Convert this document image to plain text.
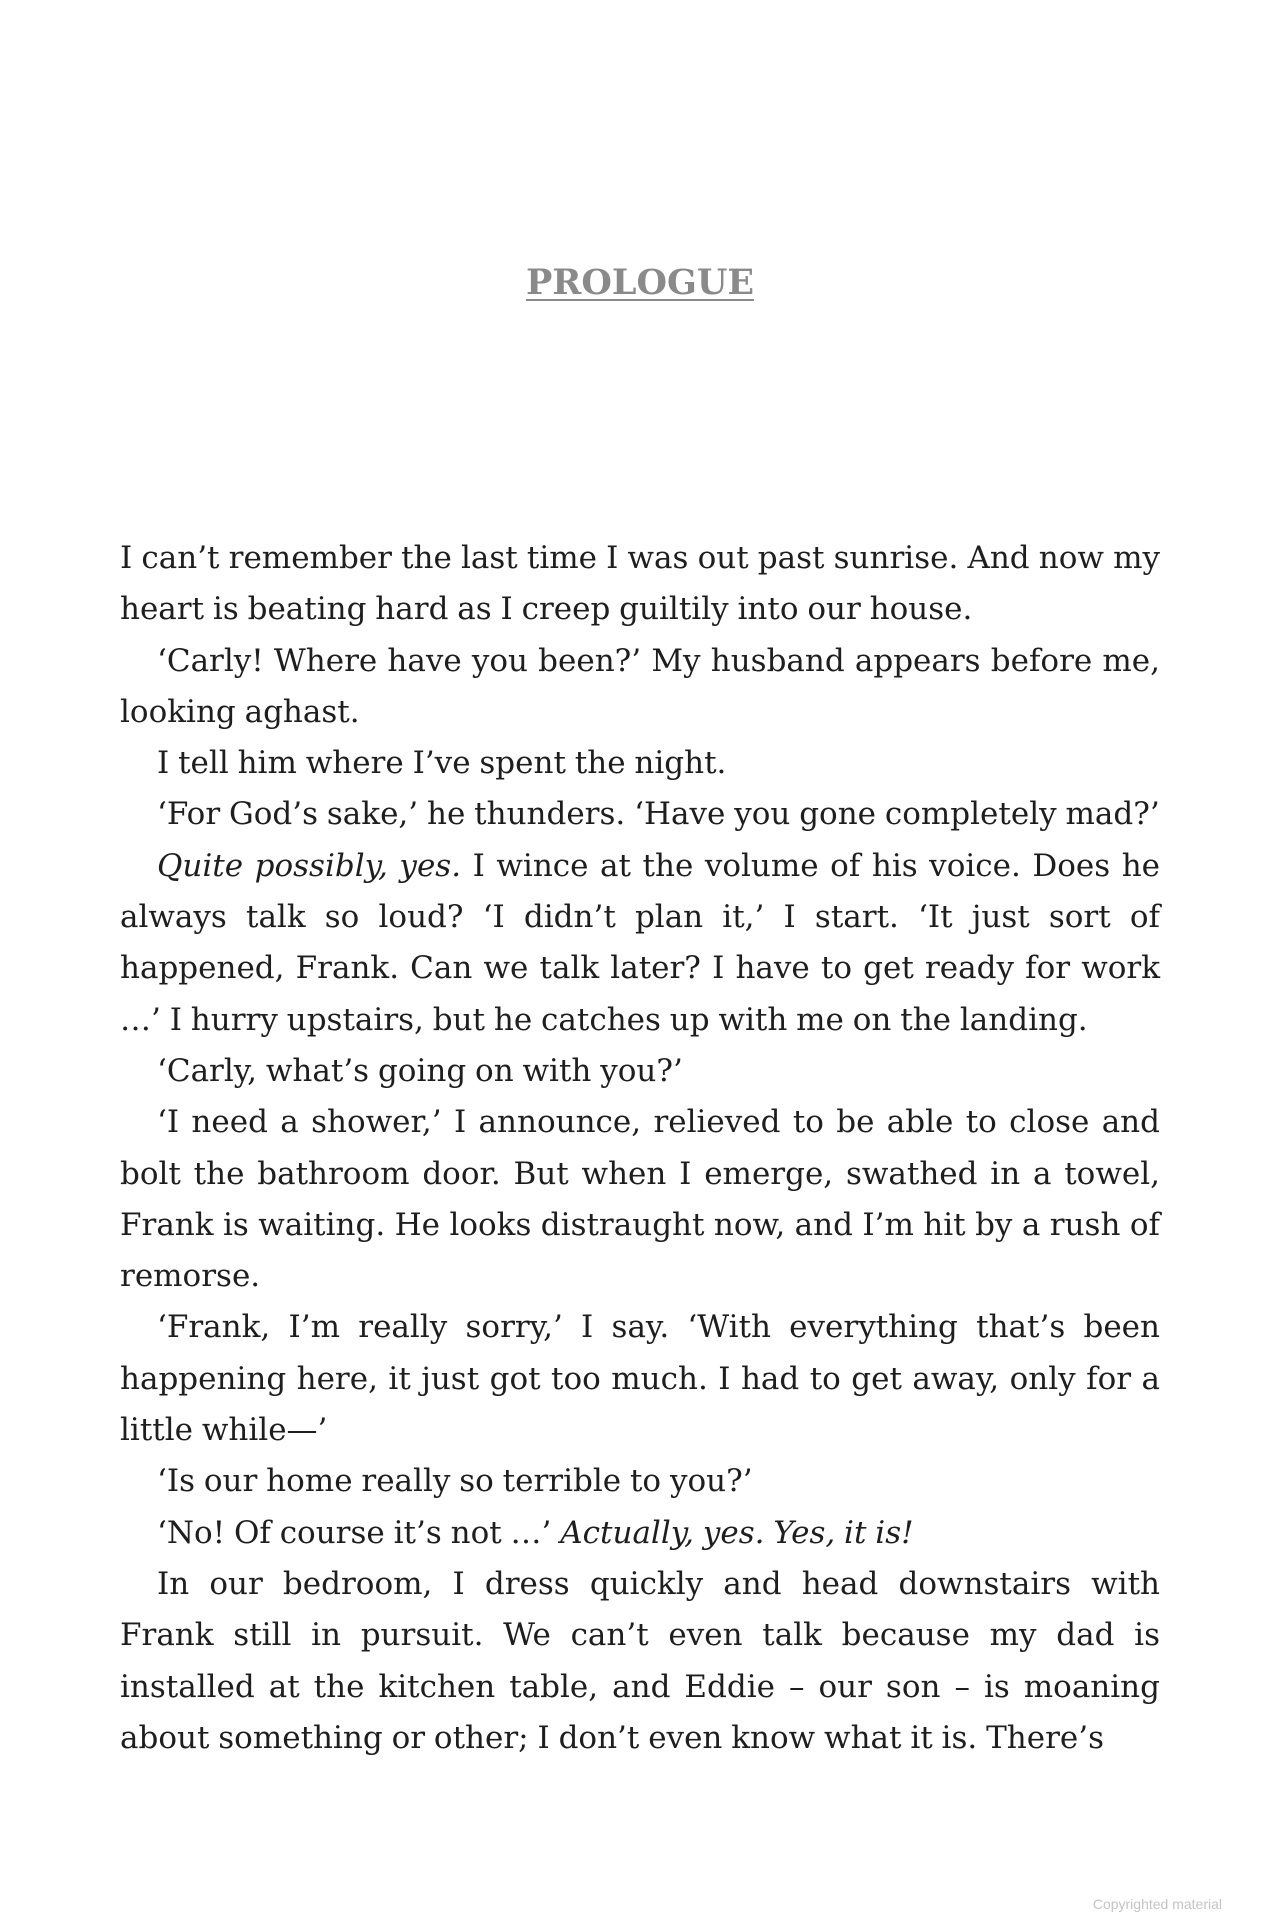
PROLOGUE

I can’t remember the last time I was out past sunrise. And now my heart is beating hard as I creep guiltily into our house.

‘Carly! Where have you been?’ My husband appears before me, looking aghast.

I tell him where I’ve spent the night.

‘For God’s sake,’ he thunders. ‘Have you gone completely mad?’

Quite possibly, yes. I wince at the volume of his voice. Does he always talk so loud? ‘I didn’t plan it,’ I start. ‘It just sort of happened, Frank. Can we talk later? I have to get ready for work …’ I hurry upstairs, but he catches up with me on the landing.

‘Carly, what’s going on with you?’

‘I need a shower,’ I announce, relieved to be able to close and bolt the bathroom door. But when I emerge, swathed in a towel, Frank is waiting. He looks distraught now, and I’m hit by a rush of remorse.

‘Frank, I’m really sorry,’ I say. ‘With everything that’s been happening here, it just got too much. I had to get away, only for a little while—’

‘Is our home really so terrible to you?’

‘No! Of course it’s not …’ Actually, yes. Yes, it is!

In our bedroom, I dress quickly and head downstairs with Frank still in pursuit. We can’t even talk because my dad is installed at the kitchen table, and Eddie – our son – is moaning about something or other; I don’t even know what it is. There’s

Copyrighted material
